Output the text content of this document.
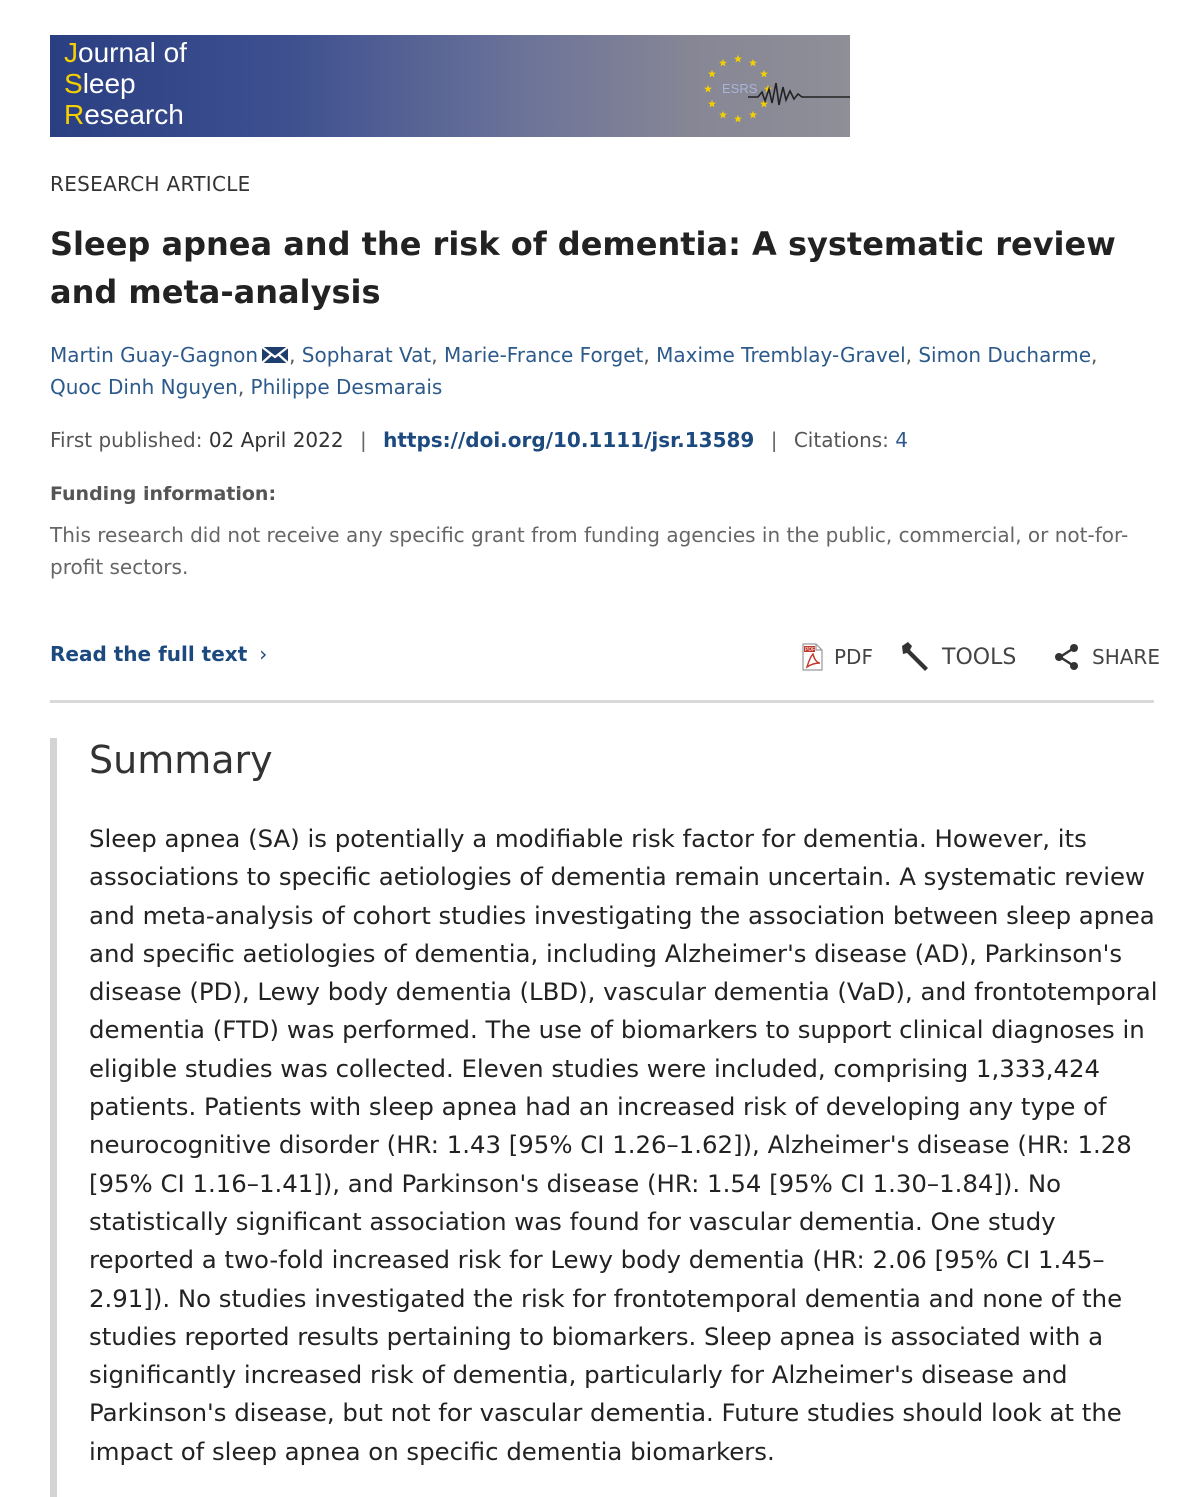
Journal of
Sleep
Research
ESRS
RESEARCH ARTICLE
Sleep apnea and the risk of dementia: A systematic review and meta-analysis
Martin Guay-Gagnon , Sopharat Vat, Marie-France Forget, Maxime Tremblay-Gravel, Simon Ducharme,
Quoc Dinh Nguyen, Philippe Desmarais
First published: 02 April 2022 | https://doi.org/10.1111/jsr.13589 | Citations: 4
Funding information:
This research did not receive any specific grant from funding agencies in the public, commercial, or not-for-profit sectors.
Read the full text ›	PDF PDF	TOOLS	SHARE
Summary

Sleep apnea (SA) is potentially a modifiable risk factor for dementia. However, its associations to specific aetiologies of dementia remain uncertain. A systematic review and meta-analysis of cohort studies investigating the association between sleep apnea and specific aetiologies of dementia, including Alzheimer's disease (AD), Parkinson's disease (PD), Lewy body dementia (LBD), vascular dementia (VaD), and frontotemporal dementia (FTD) was performed. The use of biomarkers to support clinical diagnoses in eligible studies was collected. Eleven studies were included, comprising 1,333,424 patients. Patients with sleep apnea had an increased risk of developing any type of neurocognitive disorder (HR: 1.43 [95% CI 1.26–1.62]), Alzheimer's disease (HR: 1.28 [95% CI 1.16–1.41]), and Parkinson's disease (HR: 1.54 [95% CI 1.30–1.84]). No statistically significant association was found for vascular dementia. One study reported a two-fold increased risk for Lewy body dementia (HR: 2.06 [95% CI 1.45–2.91]). No studies investigated the risk for frontotemporal dementia and none of the studies reported results pertaining to biomarkers. Sleep apnea is associated with a significantly increased risk of dementia, particularly for Alzheimer's disease and Parkinson's disease, but not for vascular dementia. Future studies should look at the impact of sleep apnea on specific dementia biomarkers.
